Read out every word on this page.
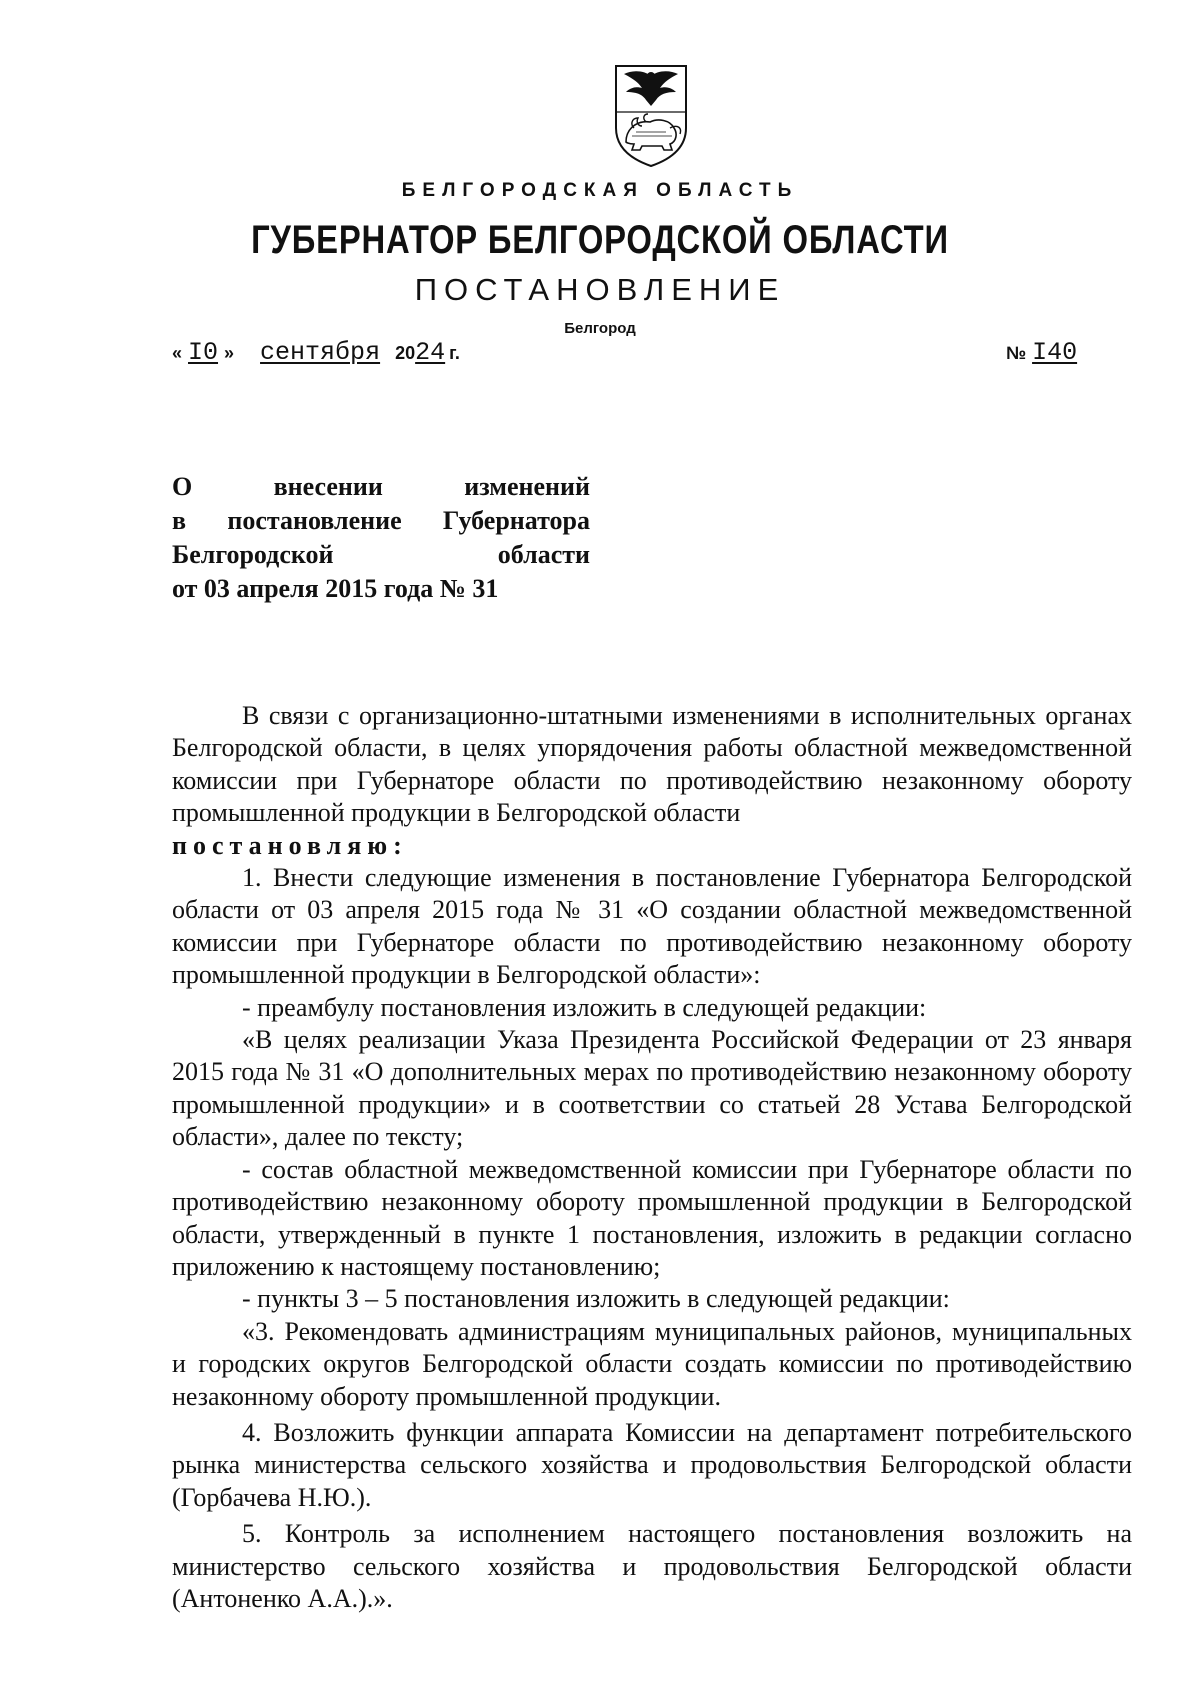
БЕЛГОРОДСКАЯ ОБЛАСТЬ
ГУБЕРНАТОР БЕЛГОРОДСКОЙ ОБЛАСТИ
ПОСТАНОВЛЕНИЕ
Белгород
« I0 » сентября 2024 г.	№ I40
О внесении изменений
в постановление Губернатора
Белгородской области
от 03 апреля 2015 года № 31

В связи с организационно-штатными изменениями в исполнительных органах Белгородской области, в целях упорядочения работы областной межведомственной комиссии при Губернаторе области по противодействию незаконному обороту промышленной продукции в Белгородской области

постановляю:

1. Внести следующие изменения в постановление Губернатора Белгородской области от 03 апреля 2015 года № 31 «О создании областной межведомственной комиссии при Губернаторе области по противодействию незаконному обороту промышленной продукции в Белгородской области»:

- преамбулу постановления изложить в следующей редакции:

«В целях реализации Указа Президента Российской Федерации от 23 января 2015 года № 31 «О дополнительных мерах по противодействию незаконному обороту промышленной продукции» и в соответствии со статьей 28 Устава Белгородской области», далее по тексту;

- состав областной межведомственной комиссии при Губернаторе области по противодействию незаконному обороту промышленной продукции в Белгородской области, утвержденный в пункте 1 постановления, изложить в редакции согласно приложению к настоящему постановлению;

- пункты 3 – 5 постановления изложить в следующей редакции:

«3. Рекомендовать администрациям муниципальных районов, муниципальных и городских округов Белгородской области создать комиссии по противодействию незаконному обороту промышленной продукции.

4. Возложить функции аппарата Комиссии на департамент потребительского рынка министерства сельского хозяйства и продовольствия Белгородской области (Горбачева Н.Ю.).

5. Контроль за исполнением настоящего постановления возложить на министерство сельского хозяйства и продовольствия Белгородской области (Антоненко А.А.).».
